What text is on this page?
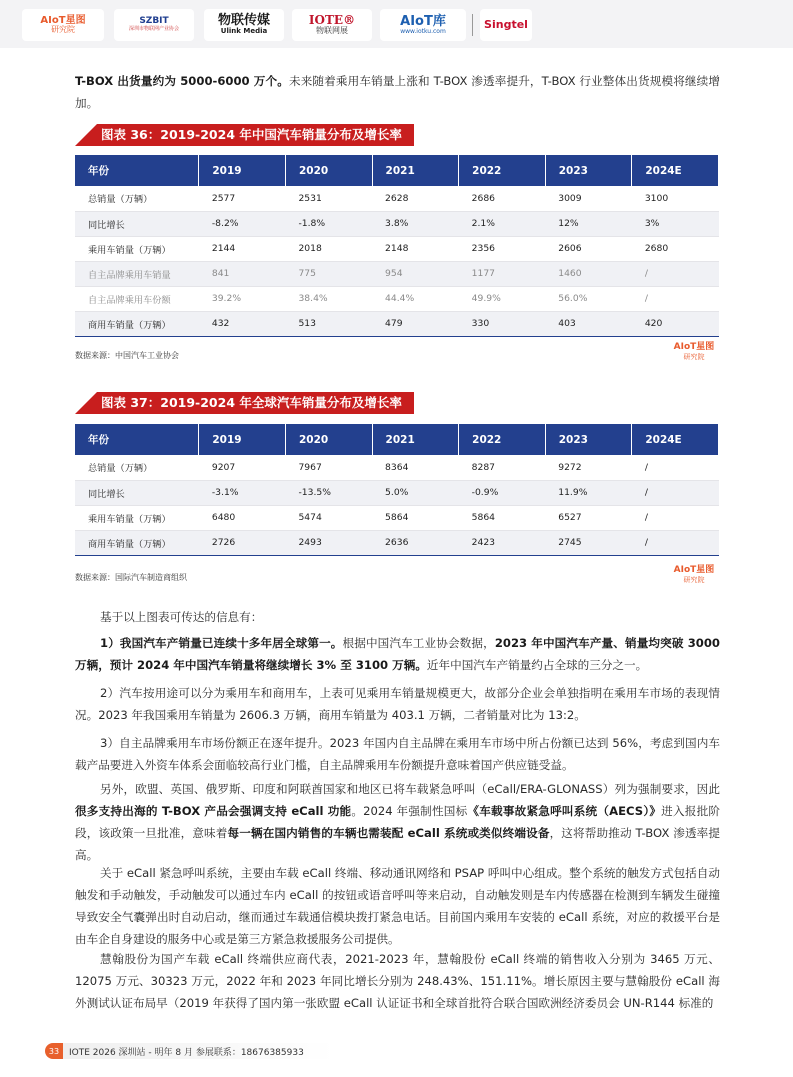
AIoT星图
研究院
SZBIT
深圳市物联网产业协会
物联传媒
Ulink Media
IOTE®
物联网展
AIoT库
www.iotku.com
Singtel
T-BOX 出货量约为 5000-6000 万个。未来随着乘用车销量上涨和 T-BOX 渗透率提升，T-BOX 行业整体出货规模将继续增加。
图表 36：2019-2024 年中国汽车销量分布及增长率
年份	2019	2020	2021	2022	2023	2024E
总销量（万辆）	2577	2531	2628	2686	3009	3100
同比增长	-8.2%	-1.8%	3.8%	2.1%	12%	3%
乘用车销量（万辆）	2144	2018	2148	2356	2606	2680
自主品牌乘用车销量	841	775	954	1177	1460	/
自主品牌乘用车份额	39.2%	38.4%	44.4%	49.9%	56.0%	/
商用车销量（万辆）	432	513	479	330	403	420
数据来源：中国汽车工业协会
AIoT星图
研究院
图表 37：2019-2024 年全球汽车销量分布及增长率
年份	2019	2020	2021	2022	2023	2024E
总销量（万辆）	9207	7967	8364	8287	9272	/
同比增长	-3.1%	-13.5%	5.0%	-0.9%	11.9%	/
乘用车销量（万辆）	6480	5474	5864	5864	6527	/
商用车销量（万辆）	2726	2493	2636	2423	2745	/
数据来源：国际汽车制造商组织
AIoT星图
研究院
基于以上图表可传达的信息有：
1）我国汽车产销量已连续十多年居全球第一。根据中国汽车工业协会数据，2023 年中国汽车产量、销量均突破 3000 万辆，预计 2024 年中国汽车销量将继续增长 3% 至 3100 万辆。近年中国汽车产销量约占全球的三分之一。
2）汽车按用途可以分为乘用车和商用车，上表可见乘用车销量规模更大，故部分企业会单独指明在乘用车市场的表现情况。2023 年我国乘用车销量为 2606.3 万辆，商用车销量为 403.1 万辆，二者销量对比为 13:2。
3）自主品牌乘用车市场份额正在逐年提升。2023 年国内自主品牌在乘用车市场中所占份额已达到 56%，考虑到国内车载产品要进入外资车体系会面临较高行业门槛，自主品牌乘用车份额提升意味着国产供应链受益。
另外，欧盟、英国、俄罗斯、印度和阿联酋国家和地区已将车载紧急呼叫（eCall/ERA-GLONASS）列为强制要求，因此很多支持出海的 T-BOX 产品会强调支持 eCall 功能。2024 年强制性国标《车载事故紧急呼叫系统（AECS）》进入报批阶段，该政策一旦批准，意味着每一辆在国内销售的车辆也需装配 eCall 系统或类似终端设备，这将帮助推动 T-BOX 渗透率提高。
关于 eCall 紧急呼叫系统，主要由车载 eCall 终端、移动通讯网络和 PSAP 呼叫中心组成。整个系统的触发方式包括自动触发和手动触发，手动触发可以通过车内 eCall 的按钮或语音呼叫等来启动，自动触发则是车内传感器在检测到车辆发生碰撞导致安全气囊弹出时自动启动，继而通过车载通信模块拨打紧急电话。目前国内乘用车安装的 eCall 系统，对应的救援平台是由车企自身建设的服务中心或是第三方紧急救援服务公司提供。
慧翰股份为国产车载 eCall 终端供应商代表，2021-2023 年，慧翰股份 eCall 终端的销售收入分别为 3465 万元、12075 万元、30323 万元，2022 年和 2023 年同比增长分别为 248.43%、151.11%。增长原因主要与慧翰股份 eCall 海外测试认证布局早（2019 年获得了国内第一张欧盟 eCall 认证证书和全球首批符合联合国欧洲经济委员会 UN-R144 标准的
33	IOTE 2026 深圳站 - 明年 8 月 参展联系：18676385933
